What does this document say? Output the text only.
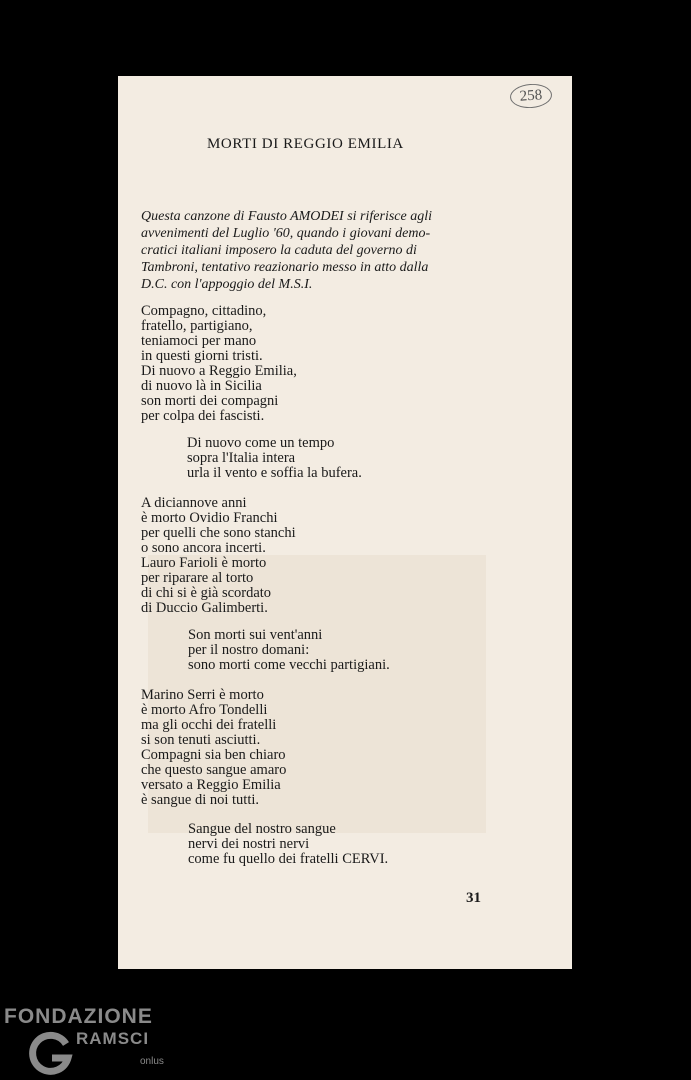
258
MORTI DI REGGIO EMILIA
Questa canzone di Fausto AMODEI si riferisce agli
avvenimenti del Luglio '60, quando i giovani demo-
cratici italiani imposero la caduta del governo di
Tambroni, tentativo reazionario messo in atto dalla
D.C. con l'appoggio del M.S.I.
Compagno, cittadino,
fratello, partigiano,
teniamoci per mano
in questi giorni tristi.
Di nuovo a Reggio Emilia,
di nuovo là in Sicilia
son morti dei compagni
per colpa dei fascisti.
Di nuovo come un tempo
sopra l'Italia intera
urla il vento e soffia la bufera.
A diciannove anni
è morto Ovidio Franchi
per quelli che sono stanchi
o sono ancora incerti.
Lauro Farioli è morto
per riparare al torto
di chi si è già scordato
di Duccio Galimberti.
Son morti sui vent'anni
per il nostro domani:
sono morti come vecchi partigiani.
Marino Serri è morto
è morto Afro Tondelli
ma gli occhi dei fratelli
si son tenuti asciutti.
Compagni sia ben chiaro
che questo sangue amaro
versato a Reggio Emilia
è sangue di noi tutti.
Sangue del nostro sangue
nervi dei nostri nervi
come fu quello dei fratelli CERVI.
31
FONDAZIONE
RAMSCI
onlus
